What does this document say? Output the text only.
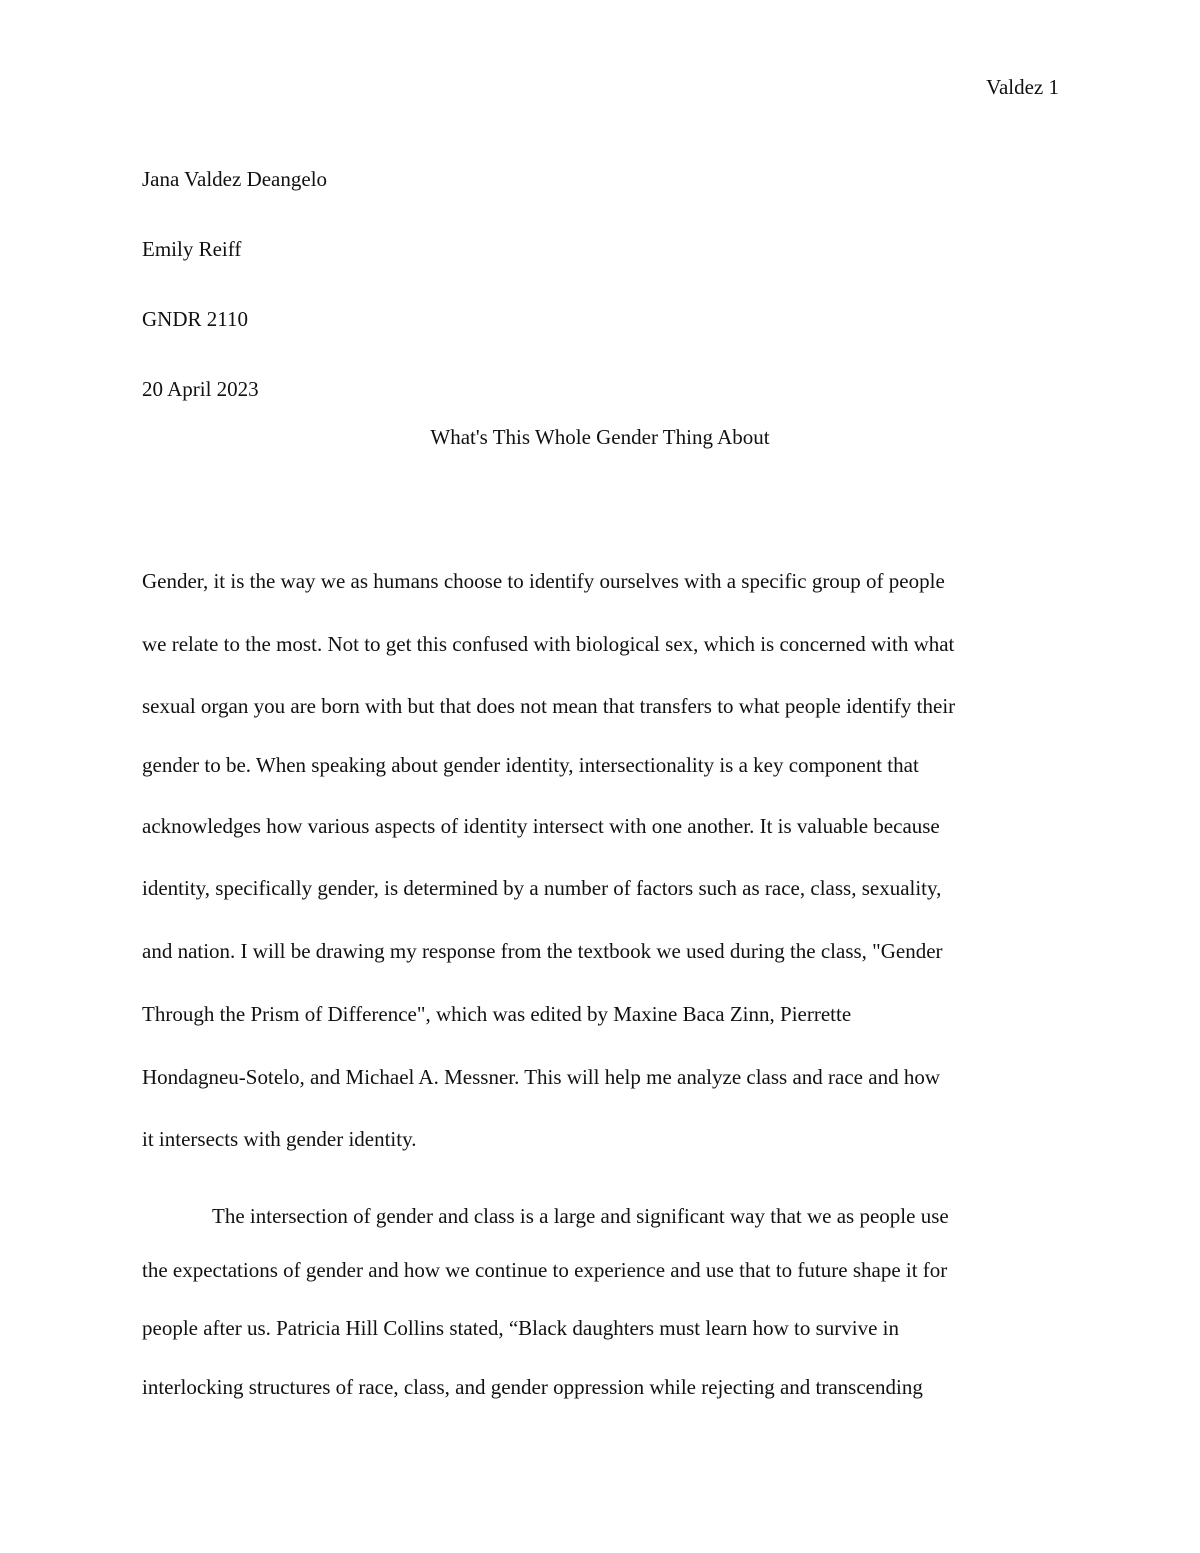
Valdez 1

Jana Valdez Deangelo

Emily Reiff

GNDR 2110

20 April 2023

What's This Whole Gender Thing About
Gender, it is the way we as humans choose to identify ourselves with a specific group of people
we relate to the most. Not to get this confused with biological sex, which is concerned with what
sexual organ you are born with but that does not mean that transfers to what people identify their
gender to be. When speaking about gender identity, intersectionality is a key component that
acknowledges how various aspects of identity intersect with one another. It is valuable because
identity, specifically gender, is determined by a number of factors such as race, class, sexuality,
and nation. I will be drawing my response from the textbook we used during the class, "Gender
Through the Prism of Difference", which was edited by Maxine Baca Zinn, Pierrette
Hondagneu-Sotelo, and Michael A. Messner. This will help me analyze class and race and how
it intersects with gender identity.
The intersection of gender and class is a large and significant way that we as people use
the expectations of gender and how we continue to experience and use that to future shape it for
people after us. Patricia Hill Collins stated, “Black daughters must learn how to survive in
interlocking structures of race, class, and gender oppression while rejecting and transcending
